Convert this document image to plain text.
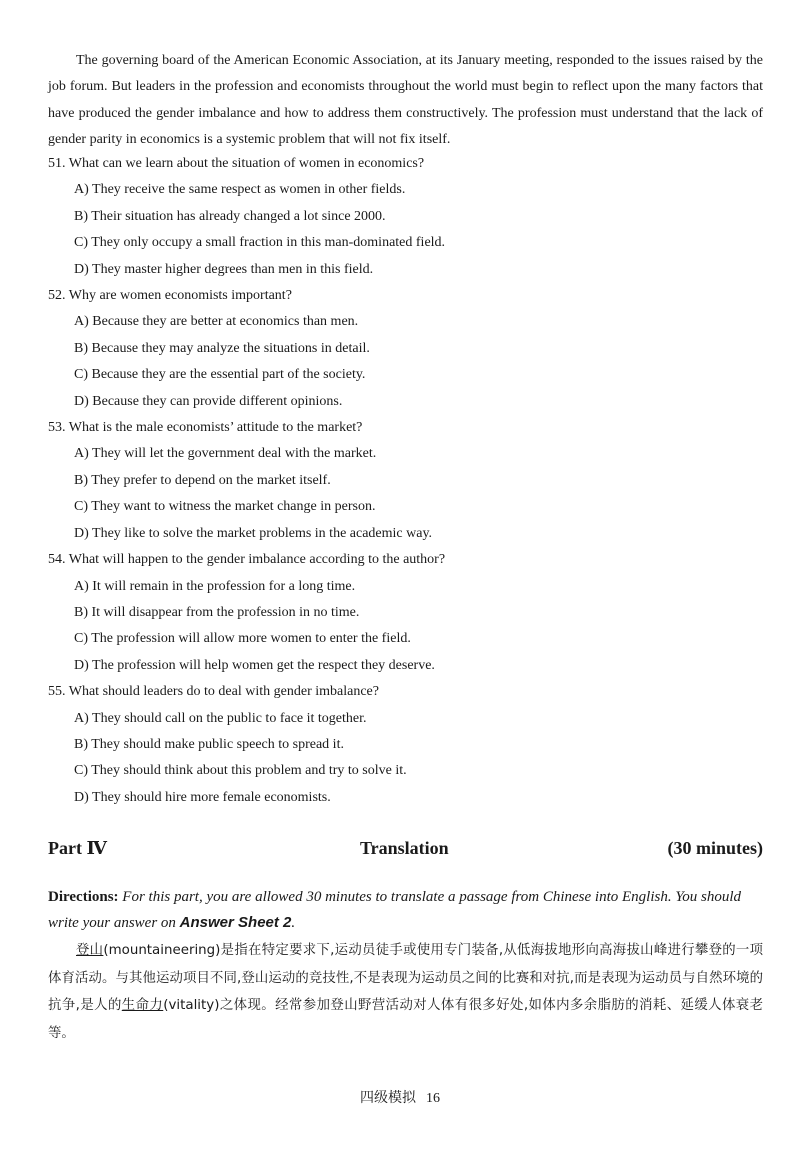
The governing board of the American Economic Association, at its January meeting, responded to the issues raised by the job forum. But leaders in the profession and economists throughout the world must begin to reflect upon the many factors that have produced the gender imbalance and how to address them constructively. The profession must understand that the lack of gender parity in economics is a systemic problem that will not fix itself.

51. What can we learn about the situation of women in economics?

A) They receive the same respect as women in other fields.

B) Their situation has already changed a lot since 2000.

C) They only occupy a small fraction in this man-dominated field.

D) They master higher degrees than men in this field.

52. Why are women economists important?

A) Because they are better at economics than men.

B) Because they may analyze the situations in detail.

C) Because they are the essential part of the society.

D) Because they can provide different opinions.

53. What is the male economists’ attitude to the market?

A) They will let the government deal with the market.

B) They prefer to depend on the market itself.

C) They want to witness the market change in person.

D) They like to solve the market problems in the academic way.

54. What will happen to the gender imbalance according to the author?

A) It will remain in the profession for a long time.

B) It will disappear from the profession in no time.

C) The profession will allow more women to enter the field.

D) The profession will help women get the respect they deserve.

55. What should leaders do to deal with gender imbalance?

A) They should call on the public to face it together.

B) They should make public speech to spread it.

C) They should think about this problem and try to solve it.

D) They should hire more female economists.

Part Ⅳ	Translation	(30 minutes)

Directions: For this part, you are allowed 30 minutes to translate a passage from Chinese into English. You should write your answer on Answer Sheet 2.

登山(mountaineering)是指在特定要求下,运动员徒手或使用专门装备,从低海拔地形向高海拔山峰进行攀登的一项体育活动。与其他运动项目不同,登山运动的竞技性,不是表现为运动员之间的比赛和对抗,而是表现为运动员与自然环境的抗争,是人的生命力(vitality)之体现。经常参加登山野营活动对人体有很多好处,如体内多余脂肪的消耗、延缓人体衰老等。

四级模拟 16
